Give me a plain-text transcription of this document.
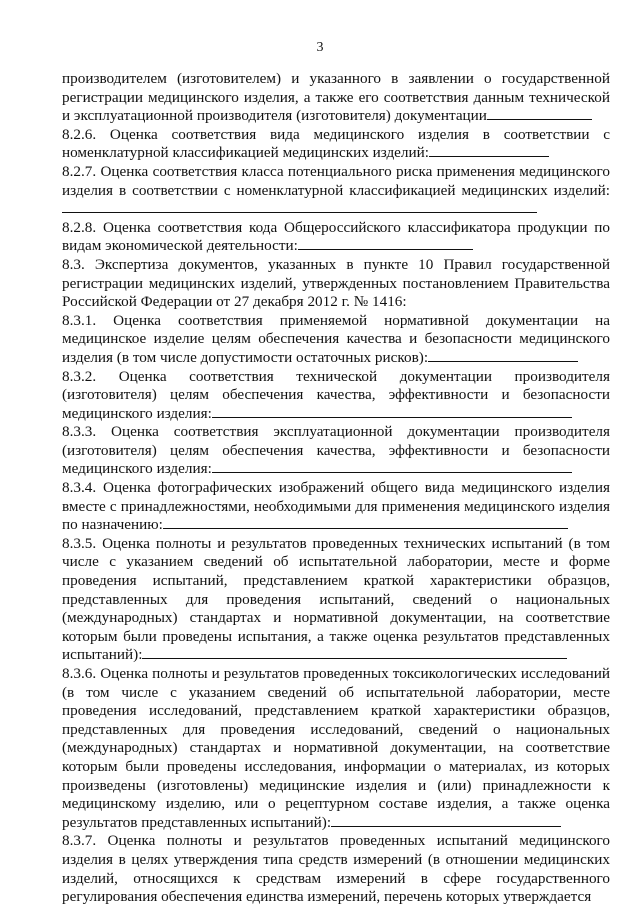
3

производителем (изготовителем) и указанного в заявлении о государственной регистрации медицинского изделия, а также его соответствия данным технической и эксплуатационной производителя (изготовителя) документации

8.2.6. Оценка соответствия вида медицинского изделия в соответствии с номенклатурной классификацией медицинских изделий:

8.2.7. Оценка соответствия класса потенциального риска применения медицинского изделия в соответствии с номенклатурной классификацией медицинских изделий:

8.2.8. Оценка соответствия кода Общероссийского классификатора продукции по видам экономической деятельности:

8.3. Экспертиза документов, указанных в пункте 10 Правил государственной регистрации медицинских изделий, утвержденных постановлением Правительства Российской Федерации от 27 декабря 2012 г. № 1416:

8.3.1. Оценка соответствия применяемой нормативной документации на медицинское изделие целям обеспечения качества и безопасности медицинского изделия (в том числе допустимости остаточных рисков):

8.3.2. Оценка соответствия технической документации производителя (изготовителя) целям обеспечения качества, эффективности и безопасности медицинского изделия:

8.3.3. Оценка соответствия эксплуатационной документации производителя (изготовителя) целям обеспечения качества, эффективности и безопасности медицинского изделия:

8.3.4. Оценка фотографических изображений общего вида медицинского изделия вместе с принадлежностями, необходимыми для применения медицинского изделия по назначению:

8.3.5. Оценка полноты и результатов проведенных технических испытаний (в том числе с указанием сведений об испытательной лаборатории, месте и форме проведения испытаний, представлением краткой характеристики образцов, представленных для проведения испытаний, сведений о национальных (международных) стандартах и нормативной документации, на соответствие которым были проведены испытания, а также оценка результатов представленных испытаний):

8.3.6. Оценка полноты и результатов проведенных токсикологических исследований (в том числе с указанием сведений об испытательной лаборатории, месте проведения исследований, представлением краткой характеристики образцов, представленных для проведения исследований, сведений о национальных (международных) стандартах и нормативной документации, на соответствие которым были проведены исследования, информации о материалах, из которых произведены (изготовлены) медицинские изделия и (или) принадлежности к медицинскому изделию, или о рецептурном составе изделия, а также оценка результатов представленных испытаний):

8.3.7. Оценка полноты и результатов проведенных испытаний медицинского изделия в целях утверждения типа средств измерений (в отношении медицинских изделий, относящихся к средствам измерений в сфере государственного регулирования обеспечения единства измерений, перечень которых утверждается
